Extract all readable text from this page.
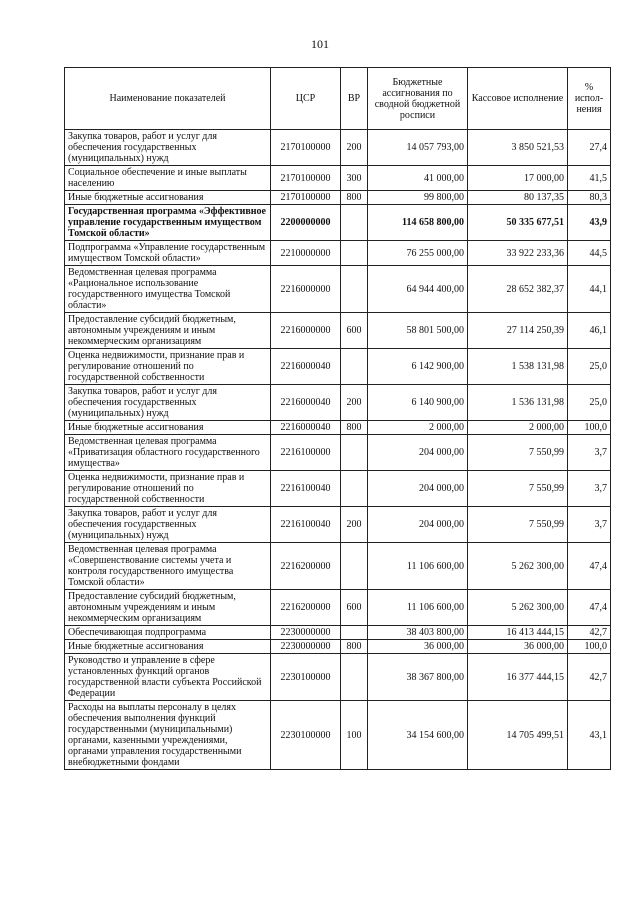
101
Наименование показателей	ЦСР	ВР	Бюджетные ассигнования по сводной бюджетной росписи	Кассовое исполнение	% испол-нения
Закупка товаров, работ и услуг для обеспечения государственных (муниципальных) нужд	2170100000	200	14 057 793,00	3 850 521,53	27,4
Социальное обеспечение и иные выплаты населению	2170100000	300	41 000,00	17 000,00	41,5
Иные бюджетные ассигнования	2170100000	800	99 800,00	80 137,35	80,3
Государственная программа «Эффективное управление государственным имуществом Томской области»	2200000000		114 658 800,00	50 335 677,51	43,9
Подпрограмма «Управление государственным имуществом Томской области»	2210000000		76 255 000,00	33 922 233,36	44,5
Ведомственная целевая программа «Рациональное использование государственного имущества Томской области»	2216000000		64 944 400,00	28 652 382,37	44,1
Предоставление субсидий бюджетным, автономным учреждениям и иным некоммерческим организациям	2216000000	600	58 801 500,00	27 114 250,39	46,1
Оценка недвижимости, признание прав и регулирование отношений по государственной собственности	2216000040		6 142 900,00	1 538 131,98	25,0
Закупка товаров, работ и услуг для обеспечения государственных (муниципальных) нужд	2216000040	200	6 140 900,00	1 536 131,98	25,0
Иные бюджетные ассигнования	2216000040	800	2 000,00	2 000,00	100,0
Ведомственная целевая программа «Приватизация областного государственного имущества»	2216100000		204 000,00	7 550,99	3,7
Оценка недвижимости, признание прав и регулирование отношений по государственной собственности	2216100040		204 000,00	7 550,99	3,7
Закупка товаров, работ и услуг для обеспечения государственных (муниципальных) нужд	2216100040	200	204 000,00	7 550,99	3,7
Ведомственная целевая программа «Совершенствование системы учета и контроля государственного имущества Томской области»	2216200000		11 106 600,00	5 262 300,00	47,4
Предоставление субсидий бюджетным, автономным учреждениям и иным некоммерческим организациям	2216200000	600	11 106 600,00	5 262 300,00	47,4
Обеспечивающая подпрограмма	2230000000		38 403 800,00	16 413 444,15	42,7
Иные бюджетные ассигнования	2230000000	800	36 000,00	36 000,00	100,0
Руководство и управление в сфере установленных функций органов государственной власти субъекта Российской Федерации	2230100000		38 367 800,00	16 377 444,15	42,7
Расходы на выплаты персоналу в целях обеспечения выполнения функций государственными (муниципальными) органами, казенными учреждениями, органами управления государственными внебюджетными фондами	2230100000	100	34 154 600,00	14 705 499,51	43,1
